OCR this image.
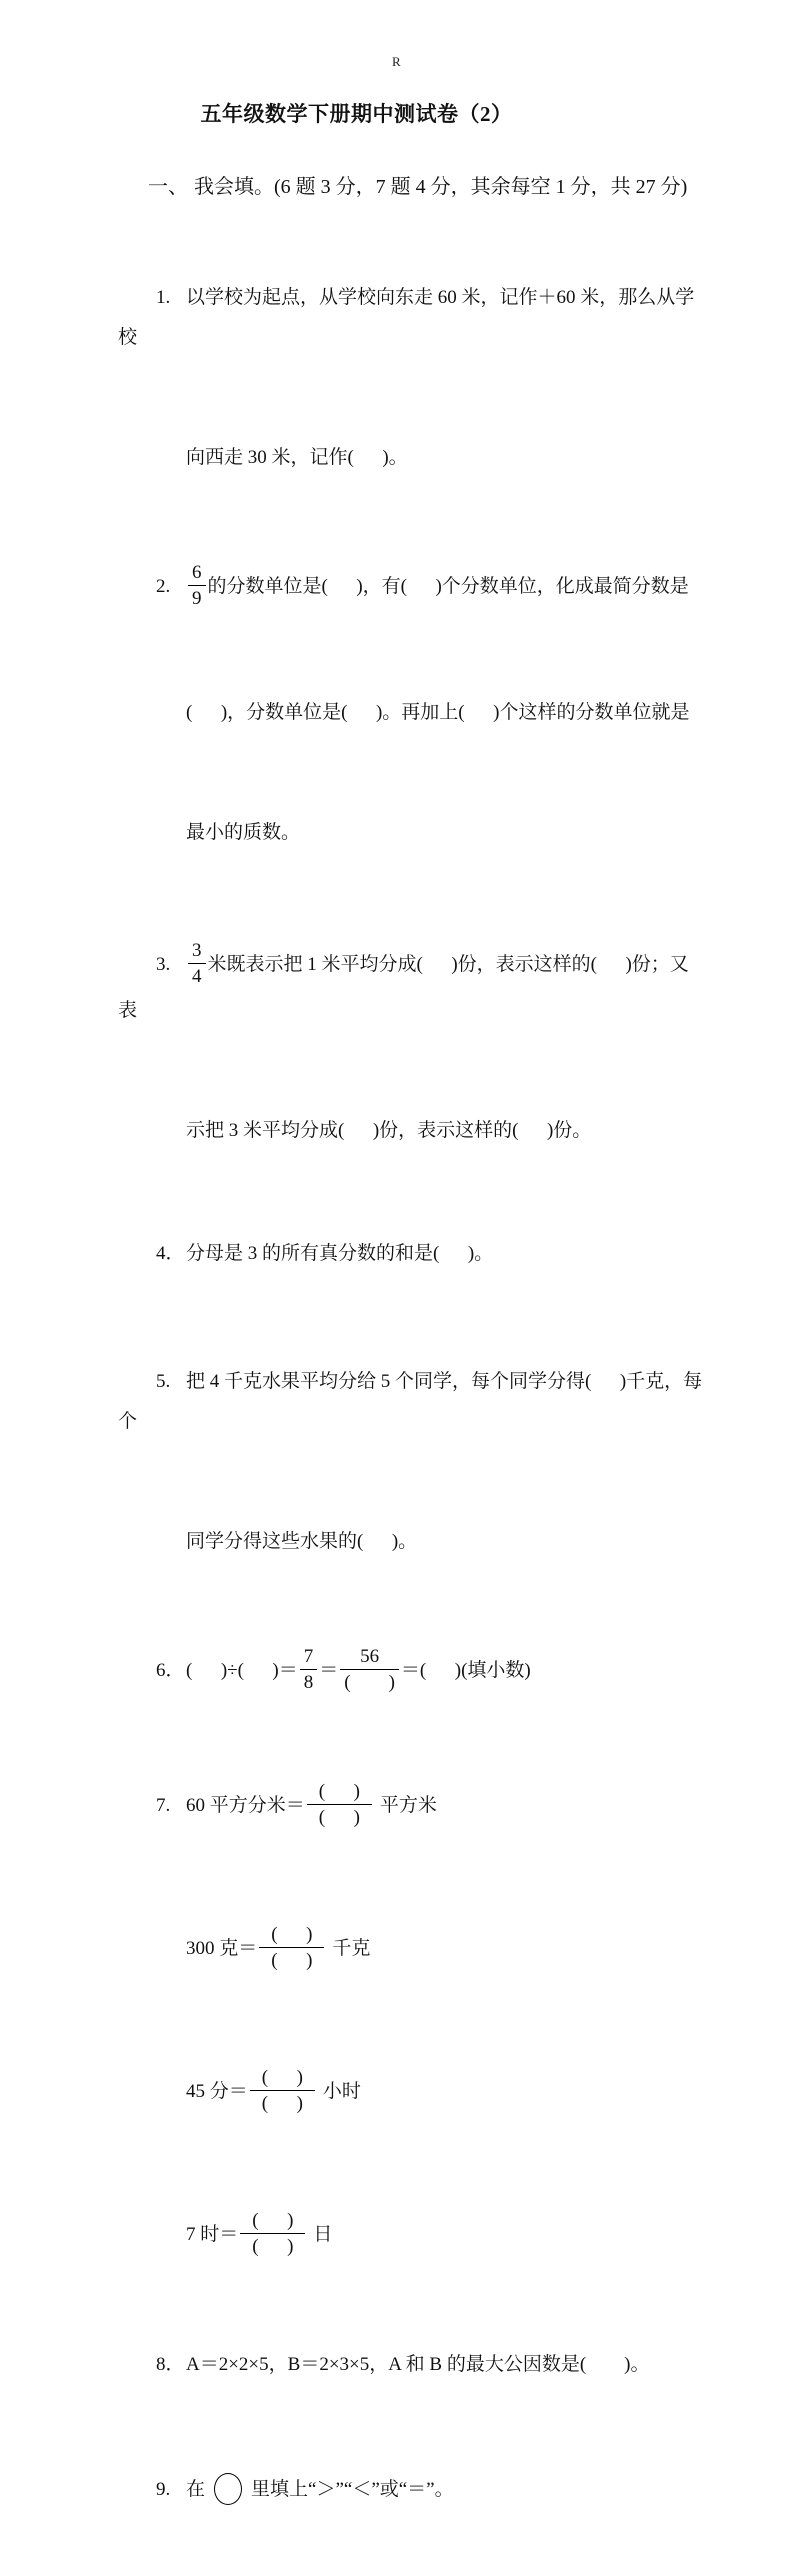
R
五年级数学下册期中测试卷（2）

一、 我会填。(6 题 3 分，7 题 4 分，其余每空 1 分，共 27 分)

1. 以学校为起点，从学校向东走 60 米，记作＋60 米，那么从学校

向西走 30 米，记作(      )。

2. $\frac{6}{9}$ 的分数单位是(      )，有(      )个分数单位，化成最简分数是

(      )，分数单位是(      )。再加上(      )个这样的分数单位就是

最小的质数。

3. $\frac{3}{4}$ 米既表示把 1 米平均分成(      )份，表示这样的(      )份；又表

示把 3 米平均分成(      )份，表示这样的(      )份。

4．分母是 3 的所有真分数的和是(      )。

5. 把 4 千克水果平均分给 5 个同学，每个同学分得(      )千克，每个

同学分得这些水果的(      )。

6．(      )÷(      )＝ $\frac{7}{8} = \frac{56}{( )}$ ＝(      )(填小数)

7. 60 平方分米＝ $\frac{( )}{( )}$ 平方米

300 克＝ $\frac{( )}{( )}$ 千克

45 分＝ $\frac{( )}{( )}$ 小时

7 时＝ $\frac{( )}{( )}$ 日

8．A＝2×2×5，B＝2×3×5，A 和 B 的最大公因数是(        )。

9. 在 里填上“＞”“＜”或“＝”。
